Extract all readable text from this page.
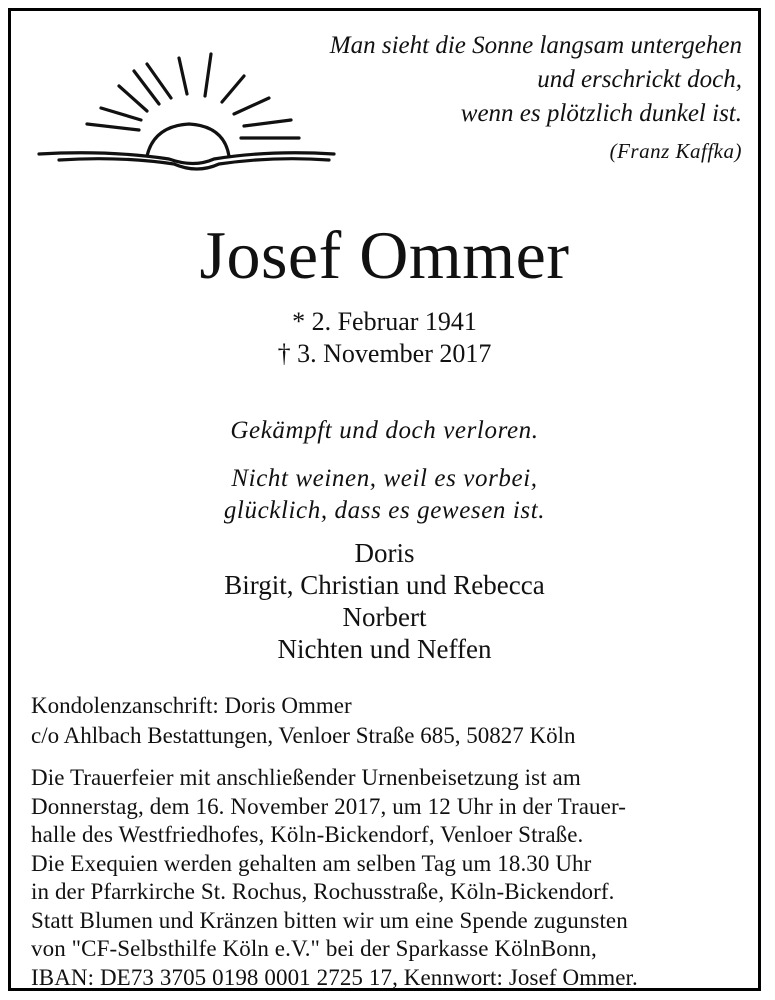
Man sieht die Sonne langsam untergehen
und erschrickt doch,
wenn es plötzlich dunkel ist.
(Franz Kaffka)
Josef Ommer
* 2. Februar 1941
† 3. November 2017
Gekämpft und doch verloren.
Nicht weinen, weil es vorbei,
glücklich, dass es gewesen ist.
Doris
Birgit, Christian und Rebecca
Norbert
Nichten und Neffen
Kondolenzanschrift: Doris Ommer
c/o Ahlbach Bestattungen, Venloer Straße 685, 50827 Köln
Die Trauerfeier mit anschließender Urnenbeisetzung ist am
Donnerstag, dem 16. November 2017, um 12 Uhr in der Trauer-
halle des Westfriedhofes, Köln-Bickendorf, Venloer Straße.
Die Exequien werden gehalten am selben Tag um 18.30 Uhr
in der Pfarrkirche St. Rochus, Rochusstraße, Köln-Bickendorf.
Statt Blumen und Kränzen bitten wir um eine Spende zugunsten
von "CF-Selbsthilfe Köln e.V." bei der Sparkasse KölnBonn,
IBAN: DE73 3705 0198 0001 2725 17, Kennwort: Josef Ommer.
